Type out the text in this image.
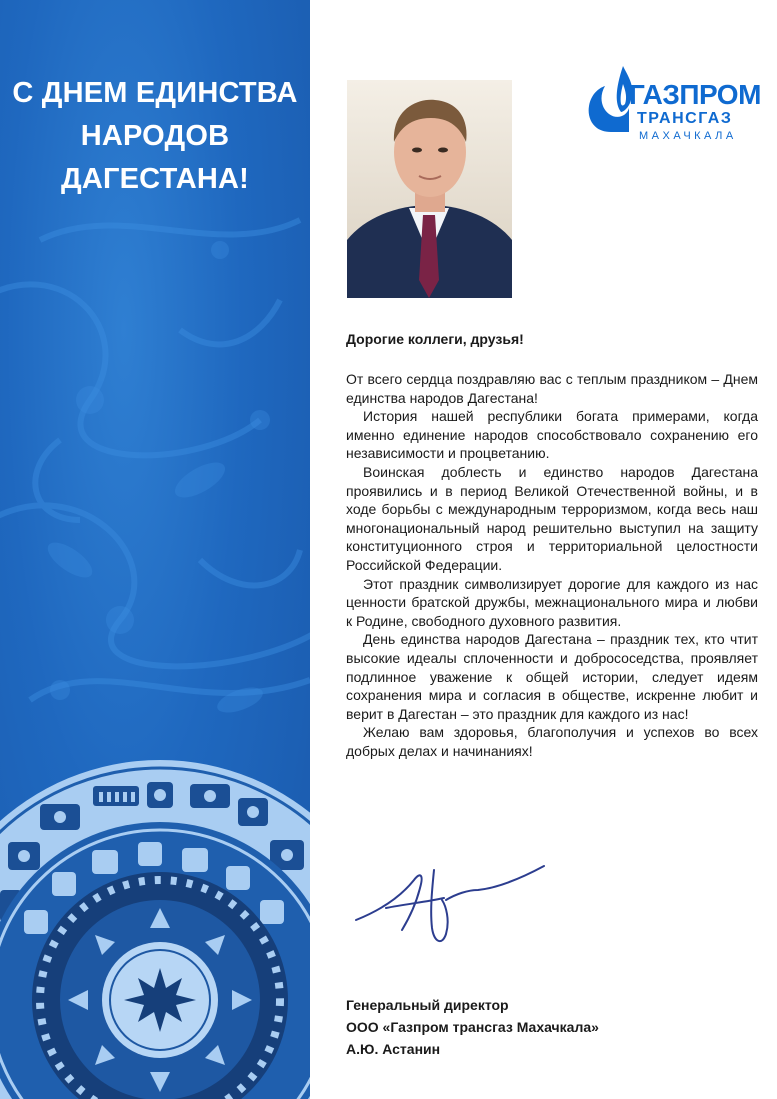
С ДНЕМ ЕДИНСТВА
НАРОДОВ
ДАГЕСТАНА!
ГАЗПРОМ
ТРАНСГАЗ
МАХАЧКАЛА
Дорогие коллеги, друзья!

От всего сердца поздравляю вас с теплым праздником – Днем единства народов Дагестана!

История нашей республики богата примерами, когда именно единение народов способствовало сохранению его независимости и процветанию.

Воинская доблесть и единство народов Дагестана проявились и в период Великой Отечественной войны, и в ходе борьбы с международным терроризмом, когда весь наш многонациональный народ решительно выступил на защиту конституционного строя и территориальной целостности Российской Федерации.

Этот праздник символизирует дорогие для каждого из нас ценности братской дружбы, межнационального мира и любви к Родине, свободного духовного развития.

День единства народов Дагестана – праздник тех, кто чтит высокие идеалы сплоченности и добрососедства, проявляет подлинное уважение к общей истории, следует идеям сохранения мира и согласия в обществе, искренне любит и верит в Дагестан – это праздник для каждого из нас!

Желаю вам здоровья, благополучия и успехов во всех добрых делах и начинаниях!

Генеральный директор
ООО «Газпром трансгаз Махачкала»
А.Ю. Астанин
